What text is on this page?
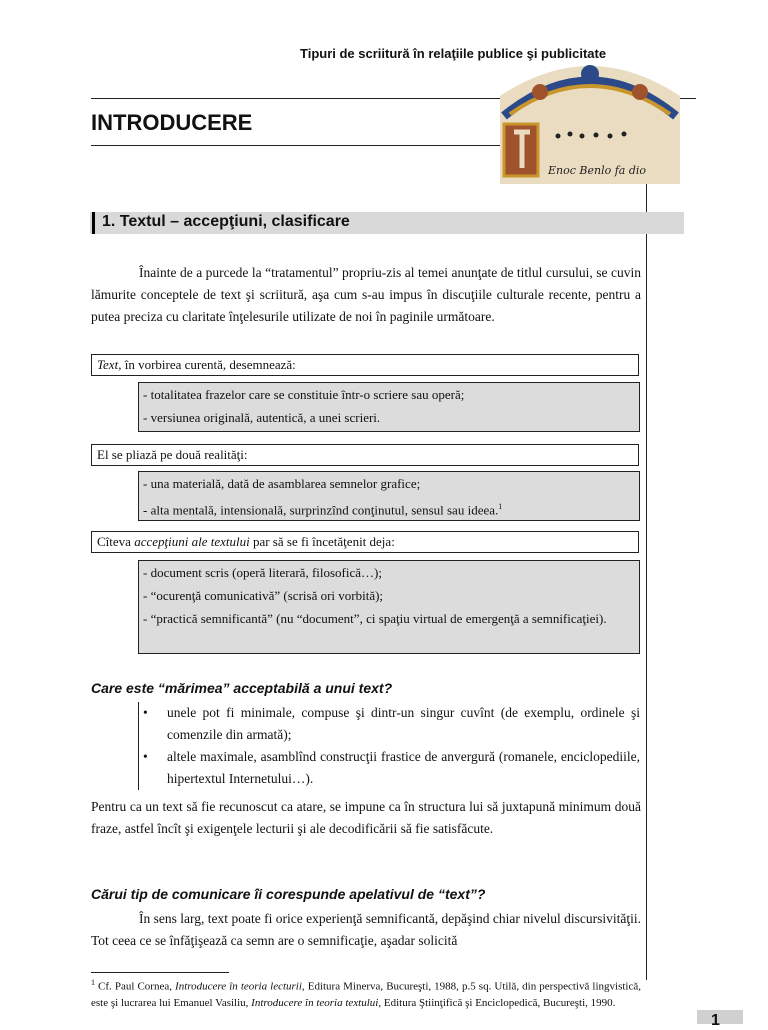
Tipuri de scriitură în relaţiile publice şi publicitate
INTRODUCERE
Enoc Benlo fa dio
1. Textul – accepţiuni, clasificare
Înainte de a purcede la “tratamentul” propriu-zis al temei anunţate de titlul cursului, se cuvin lămurite conceptele de text şi scriitură, aşa cum s-au impus în discuţiile culturale recente, pentru a putea preciza cu claritate înţelesurile utilizate de noi în paginile următoare.
Text, în vorbirea curentă, desemnează:
- totalitatea frazelor care se constituie într-o scriere sau operă;
- versiunea originală, autentică, a unei scrieri.
El se pliază pe două realităţi:
- una materială, dată de asamblarea semnelor grafice;
- alta mentală, intensională, surprinzînd conţinutul, sensul sau ideea.$^1$
Cîteva accepţiuni ale textului par să se fi încetăţenit deja:
- document scris (operă literară, filosofică…);
- “ocurenţă comunicativă” (scrisă ori vorbită);
- “practică semnificantă” (nu “document”, ci spaţiu virtual de emergenţă a semnificaţiei).
Care este “mărimea” acceptabilă a unui text?
•	unele pot fi minimale, compuse şi dintr-un singur cuvînt (de exemplu, ordinele şi comenzile din armată);
•	altele maximale, asamblînd construcţii frastice de anvergură (romanele, enciclopediile, hipertextul Internetului…).
Pentru ca un text să fie recunoscut ca atare, se impune ca în structura lui să juxtapună minimum două fraze, astfel încît şi exigenţele lecturii şi ale decodificării să fie satisfăcute.
Cărui tip de comunicare îi corespunde apelativul de “text”?
În sens larg, text poate fi orice experienţă semnificantă, depăşind chiar nivelul discursivităţii. Tot ceea ce se înfăţişează ca semn are o semnificaţie, aşadar solicită
$^1$ Cf. Paul Cornea, Introducere în teoria lecturii, Editura Minerva, Bucureşti, 1988, p.5 sq. Utilă, din perspectivă lingvistică, este şi lucrarea lui Emanuel Vasiliu, Introducere în teoria textului, Editura Ştiinţifică şi Enciclopedică, Bucureşti, 1990.
1
